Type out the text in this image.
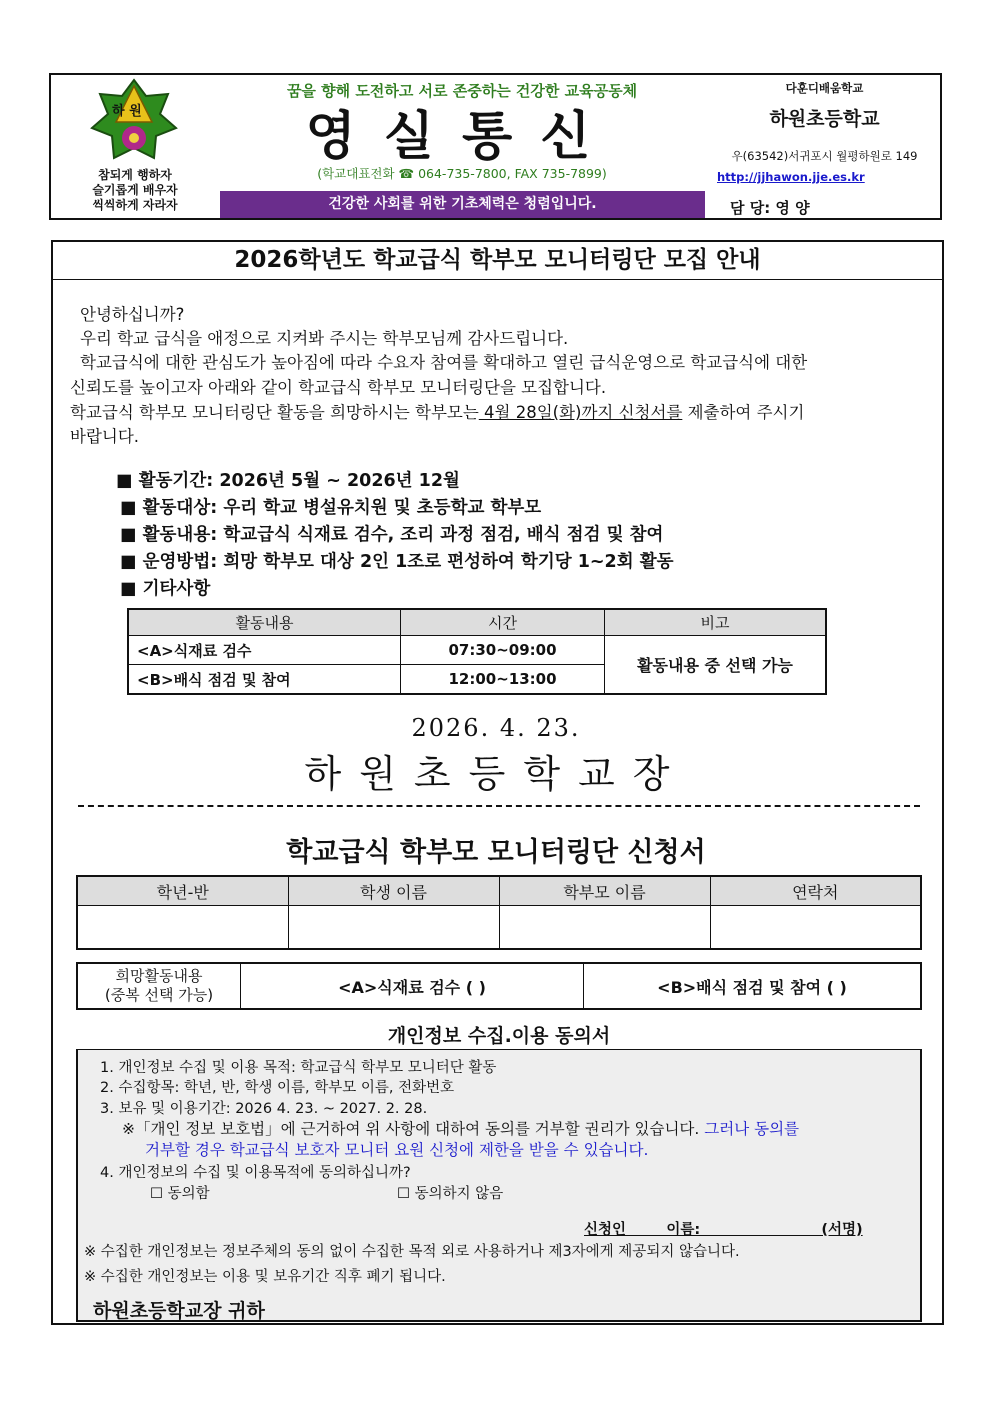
하 원
참되게 행하자
슬기롭게 배우자
씩씩하게 자라자
꿈을 향해 도전하고 서로 존중하는 건강한 교육공동체
영실통신
(학교대표전화 ☎ 064-735-7800, FAX 735-7899)
건강한 사회를 위한 기초체력은 청렴입니다.
다훈디배움학교
하원초등학교
우(63542)서귀포시 월평하원로 149
http://jjhawon.jje.es.kr
담 당: 영 양
2026학년도 학교급식 학부모 모니터링단 모집 안내
안녕하십니까?
우리 학교 급식을 애정으로 지켜봐 주시는 학부모님께 감사드립니다.
학교급식에 대한 관심도가 높아짐에 따라 수요자 참여를 확대하고 열린 급식운영으로 학교급식에 대한
신뢰도를 높이고자 아래와 같이 학교급식 학부모 모니터링단을 모집합니다.
학교급식 학부모 모니터링단 활동을 희망하시는 학부모는 4월 28일(화)까지 신청서를 제출하여 주시기
바랍니다.
■ 활동기간: 2026년 5월 ~ 2026년 12월
■ 활동대상: 우리 학교 병설유치원 및 초등학교 학부모
■ 활동내용: 학교급식 식재료 검수, 조리 과정 점검, 배식 점검 및 참여
■ 운영방법: 희망 학부모 대상 2인 1조로 편성하여 학기당 1~2회 활동
■ 기타사항
활동내용	시간	비고
<A>식재료 검수	07:30~09:00	활동내용 중 선택 가능
<B>배식 점검 및 참여	12:00~13:00	
2026. 4. 23.
하원초등학교장
학교급식 학부모 모니터링단 신청서
학년-반	학생 이름	학부모 이름	연락처

희망활동내용
(중복 선택 가능)	<A>식재료 검수 ( )	<B>배식 점검 및 참여 ( )
개인정보 수집.이용 동의서
1. 개인정보 수집 및 이용 목적: 학교급식 학부모 모니터단 활동
2. 수집항목: 학년, 반, 학생 이름, 학부모 이름, 전화번호
3. 보유 및 이용기간: 2026 4. 23. ~ 2027. 2. 28.
※「개인 정보 보호법」에 근거하여 위 사항에 대하여 동의를 거부할 권리가 있습니다. 그러나 동의를
거부할 경우 학교급식 보호자 모니터 요원 신청에 제한을 받을 수 있습니다.
4. 개인정보의 수집 및 이용목적에 동의하십니까?
☐ 동의함	☐ 동의하지 않음
신청인        이름:                        (서명)
※ 수집한 개인정보는 정보주체의 동의 없이 수집한 목적 외로 사용하거나 제3자에게 제공되지 않습니다.
※ 수집한 개인정보는 이용 및 보유기간 직후 폐기 됩니다.
하원초등학교장 귀하
